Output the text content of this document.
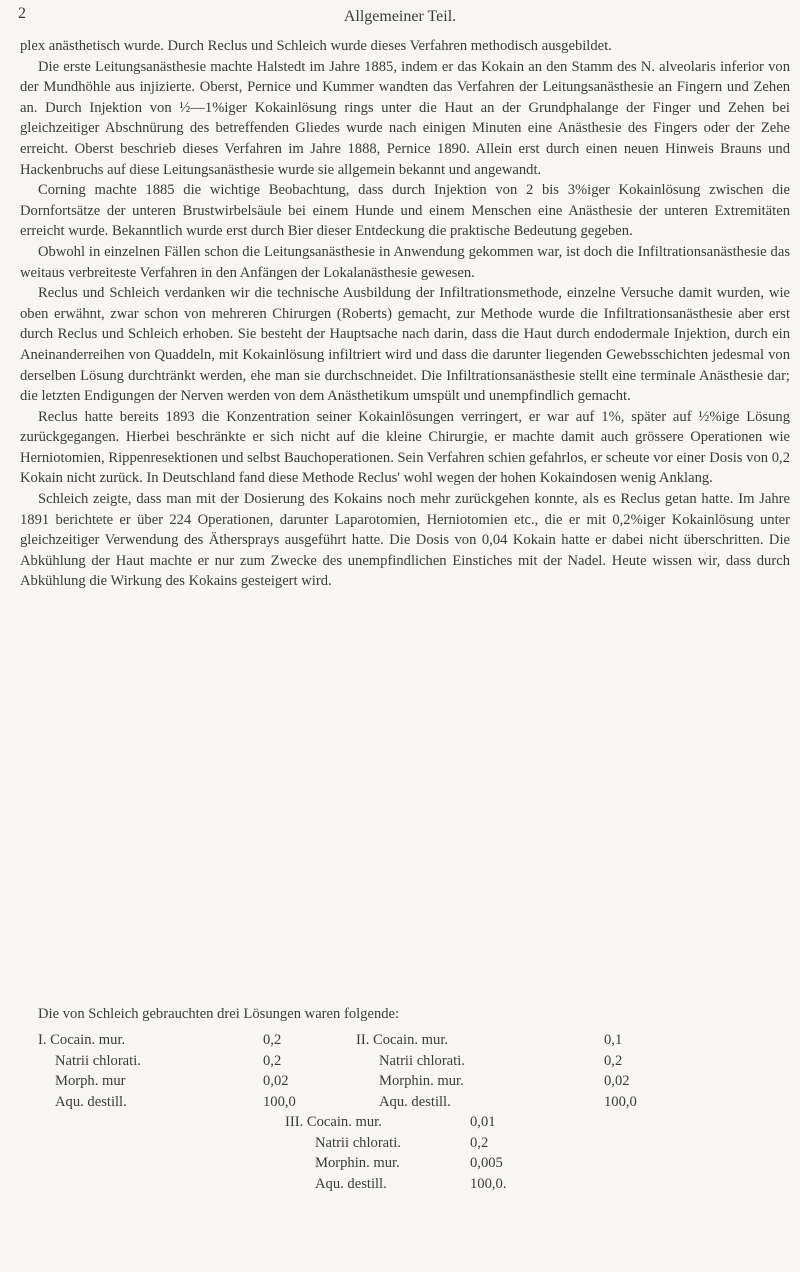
2	Allgemeiner Teil.

plex anästhetisch wurde. Durch Reclus und Schleich wurde dieses Verfahren methodisch ausgebildet.

Die erste Leitungsanästhesie machte Halstedt im Jahre 1885, indem er das Kokain an den Stamm des N. alveolaris inferior von der Mundhöhle aus injizierte. Oberst, Pernice und Kummer wandten das Verfahren der Leitungsanästhesie an Fingern und Zehen an. Durch Injektion von ½—1%iger Kokainlösung rings unter die Haut an der Grundphalange der Finger und Zehen bei gleichzeitiger Abschnürung des betreffenden Gliedes wurde nach einigen Minuten eine Anästhesie des Fingers oder der Zehe erreicht. Oberst beschrieb dieses Verfahren im Jahre 1888, Pernice 1890. Allein erst durch einen neuen Hinweis Brauns und Hackenbruchs auf diese Leitungsanästhesie wurde sie allgemein bekannt und angewandt.

Corning machte 1885 die wichtige Beobachtung, dass durch Injektion von 2 bis 3%iger Kokainlösung zwischen die Dornfortsätze der unteren Brustwirbelsäule bei einem Hunde und einem Menschen eine Anästhesie der unteren Extremitäten erreicht wurde. Bekanntlich wurde erst durch Bier dieser Entdeckung die praktische Bedeutung gegeben.

Obwohl in einzelnen Fällen schon die Leitungsanästhesie in Anwendung gekommen war, ist doch die Infiltrationsanästhesie das weitaus verbreiteste Verfahren in den Anfängen der Lokalanästhesie gewesen.

Reclus und Schleich verdanken wir die technische Ausbildung der Infiltrationsmethode, einzelne Versuche damit wurden, wie oben erwähnt, zwar schon von mehreren Chirurgen (Roberts) gemacht, zur Methode wurde die Infiltrationsanästhesie aber erst durch Reclus und Schleich erhoben. Sie besteht der Hauptsache nach darin, dass die Haut durch endodermale Injektion, durch ein Aneinanderreihen von Quaddeln, mit Kokainlösung infiltriert wird und dass die darunter liegenden Gewebsschichten jedesmal von derselben Lösung durchtränkt werden, ehe man sie durchschneidet. Die Infiltrationsanästhesie stellt eine terminale Anästhesie dar; die letzten Endigungen der Nerven werden von dem Anästhetikum umspült und unempfindlich gemacht.

Reclus hatte bereits 1893 die Konzentration seiner Kokainlösungen verringert, er war auf 1%, später auf ½%ige Lösung zurückgegangen. Hierbei beschränkte er sich nicht auf die kleine Chirurgie, er machte damit auch grössere Operationen wie Herniotomien, Rippenresektionen und selbst Bauchoperationen. Sein Verfahren schien gefahrlos, er scheute vor einer Dosis von 0,2 Kokain nicht zurück. In Deutschland fand diese Methode Reclus' wohl wegen der hohen Kokaindosen wenig Anklang.

Schleich zeigte, dass man mit der Dosierung des Kokains noch mehr zurückgehen konnte, als es Reclus getan hatte. Im Jahre 1891 berichtete er über 224 Operationen, darunter Laparotomien, Herniotomien etc., die er mit 0,2%iger Kokainlösung unter gleichzeitiger Verwendung des Äthersprays ausgeführt hatte. Die Dosis von 0,04 Kokain hatte er dabei nicht überschritten. Die Abkühlung der Haut machte er nur zum Zwecke des unempfindlichen Einstiches mit der Nadel. Heute wissen wir, dass durch Abkühlung die Wirkung des Kokains gesteigert wird.

Die von Schleich gebrauchten drei Lösungen waren folgende:
I. Cocain. mur.	0,2
Natrii chlorati.	0,2
Morph. mur	0,02
Aqu. destill.	100,0
II. Cocain. mur.	0,1
Natrii chlorati.	0,2
Morphin. mur.	0,02
Aqu. destill.	100,0
III. Cocain. mur.	0,01
Natrii chlorati.	0,2
Morphin. mur.	0,005
Aqu. destill.	100,0.
